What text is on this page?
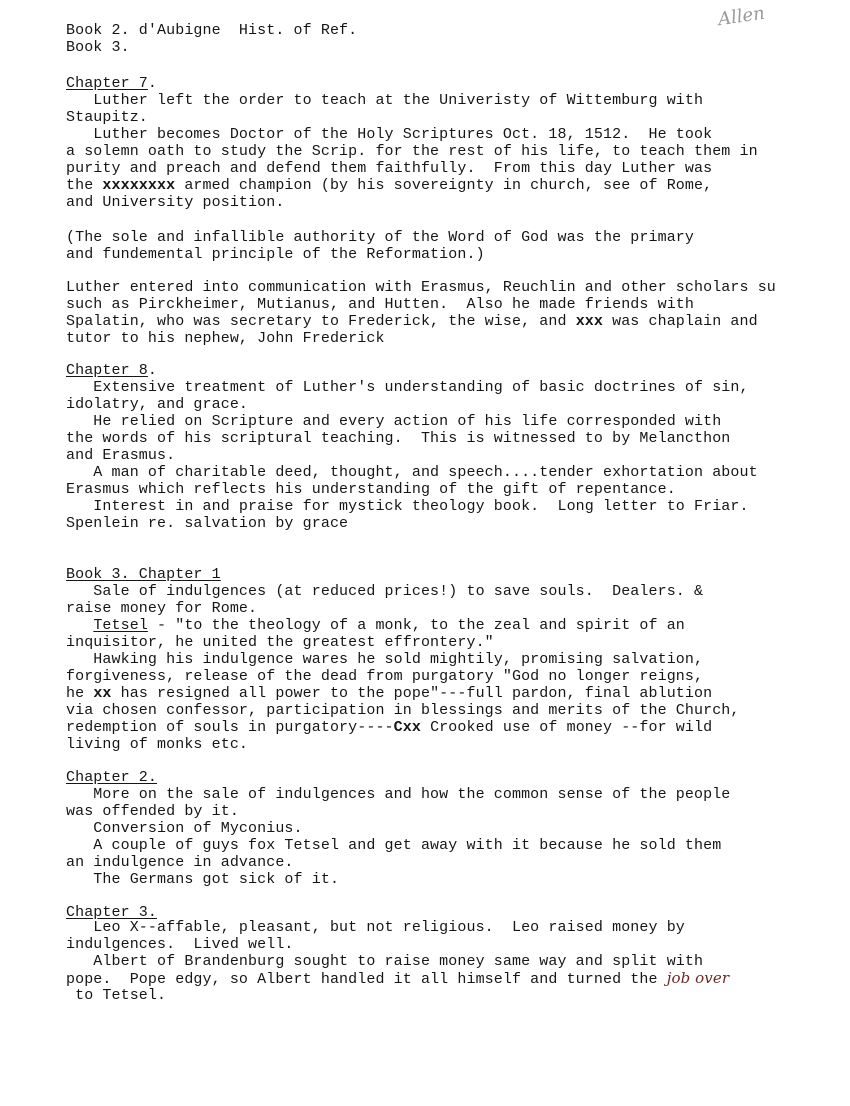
Allen
Book 2. d'Aubigne  Hist. of Ref.
Book 3.
Chapter 7.
Luther left the order to teach at the Univeristy of Wittemburg with
Staupitz.
Luther becomes Doctor of the Holy Scriptures Oct. 18, 1512.  He took
a solemn oath to study the Scrip. for the rest of his life, to teach them in
purity and preach and defend them faithfully.  From this day Luther was
the xxxxxxxx armed champion (by his sovereignty in church, see of Rome,
and University position.
(The sole and infallible authority of the Word of God was the primary
and fundemental principle of the Reformation.)
Luther entered into communication with Erasmus, Reuchlin and other scholars su
such as Pirckheimer, Mutianus, and Hutten.  Also he made friends with
Spalatin, who was secretary to Frederick, the wise, and xxx was chaplain and
tutor to his nephew, John Frederick
Chapter 8.
Extensive treatment of Luther's understanding of basic doctrines of sin,
idolatry, and grace.
He relied on Scripture and every action of his life corresponded with
the words of his scriptural teaching.  This is witnessed to by Melancthon
and Erasmus.
A man of charitable deed, thought, and speech....tender exhortation about
Erasmus which reflects his understanding of the gift of repentance.
Interest in and praise for mystick theology book.  Long letter to Friar.
Spenlein re. salvation by grace
Book 3. Chapter 1
Sale of indulgences (at reduced prices!) to save souls.  Dealers. &
raise money for Rome.
Tetsel - "to the theology of a monk, to the zeal and spirit of an
inquisitor, he united the greatest effrontery."
Hawking his indulgence wares he sold mightily, promising salvation,
forgiveness, release of the dead from purgatory "God no longer reigns,
he xx has resigned all power to the pope"---full pardon, final ablution
via chosen confessor, participation in blessings and merits of the Church,
redemption of souls in purgatory----Cxx Crooked use of money --for wild
living of monks etc.
Chapter 2.
More on the sale of indulgences and how the common sense of the people
was offended by it.
Conversion of Myconius.
A couple of guys fox Tetsel and get away with it because he sold them
an indulgence in advance.
The Germans got sick of it.
Chapter 3.
Leo X--affable, pleasant, but not religious.  Leo raised money by
indulgences.  Lived well.
Albert of Brandenburg sought to raise money same way and split with
pope.  Pope edgy, so Albert handled it all himself and turned the job over
to Tetsel.
